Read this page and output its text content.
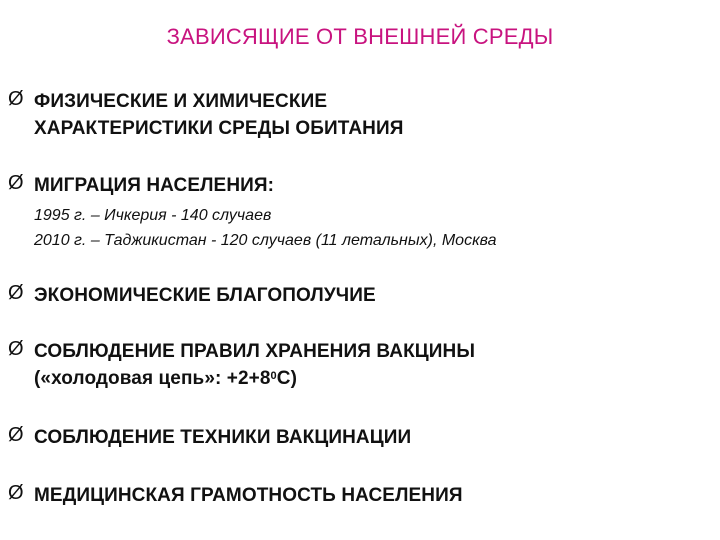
ЗАВИСЯЩИЕ ОТ ВНЕШНЕЙ СРЕДЫ
Ø ФИЗИЧЕСКИЕ И ХИМИЧЕСКИЕ
ХАРАКТЕРИСТИКИ СРЕДЫ ОБИТАНИЯ
Ø МИГРАЦИЯ НАСЕЛЕНИЯ:
1995 г. – Ичкерия - 140 случаев
2010 г. – Таджикистан - 120 случаев (11 летальных), Москва
Ø ЭКОНОМИЧЕСКИЕ БЛАГОПОЛУЧИЕ
Ø СОБЛЮДЕНИЕ ПРАВИЛ ХРАНЕНИЯ ВАКЦИНЫ
(«холодовая цепь»: $+2+8^0С$)
Ø СОБЛЮДЕНИЕ ТЕХНИКИ ВАКЦИНАЦИИ
Ø МЕДИЦИНСКАЯ ГРАМОТНОСТЬ НАСЕЛЕНИЯ
